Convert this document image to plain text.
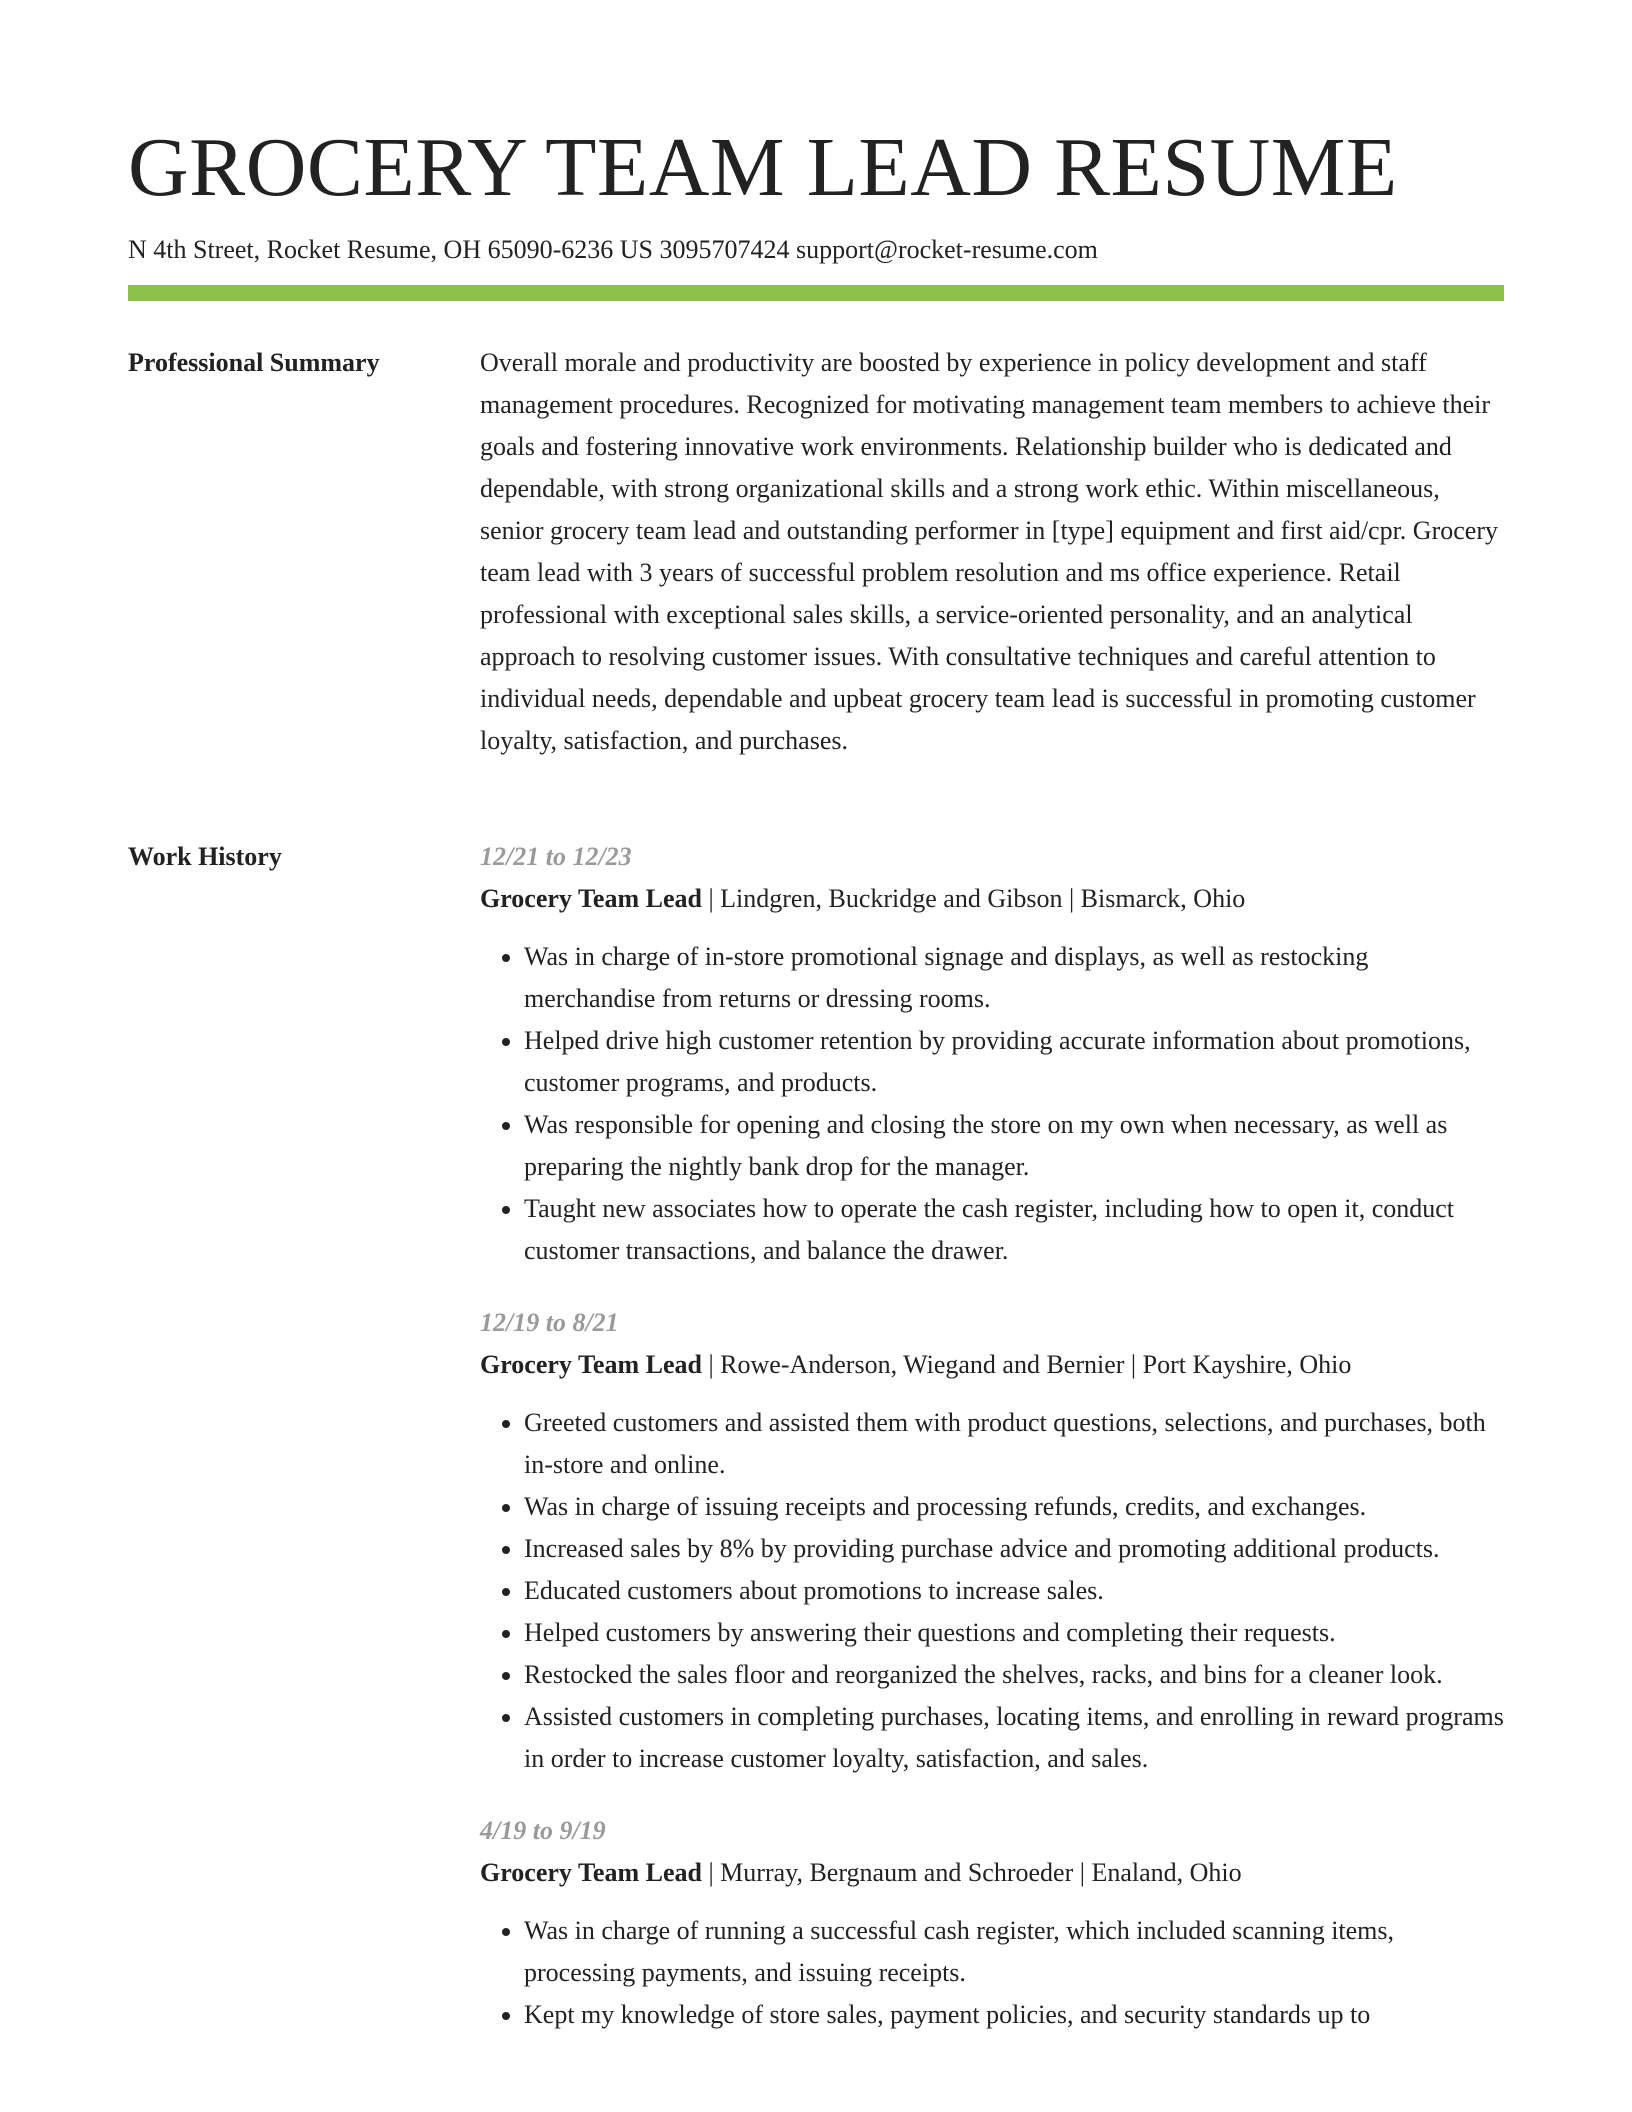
GROCERY TEAM LEAD RESUME
N 4th Street, Rocket Resume, OH 65090-6236 US 3095707424 support@rocket-resume.com
Professional Summary	Overall morale and productivity are boosted by experience in policy development and staff management procedures. Recognized for motivating management team members to achieve their goals and fostering innovative work environments. Relationship builder who is dedicated and dependable, with strong organizational skills and a strong work ethic. Within miscellaneous, senior grocery team lead and outstanding performer in [type] equipment and first aid/cpr. Grocery team lead with 3 years of successful problem resolution and ms office experience. Retail professional with exceptional sales skills, a service-oriented personality, and an analytical approach to resolving customer issues. With consultative techniques and careful attention to individual needs, dependable and upbeat grocery team lead is successful in promoting customer loyalty, satisfaction, and purchases.

Work History	12/21 to 12/23
Grocery Team Lead | Lindgren, Buckridge and Gibson | Bismarck, Ohio
• Was in charge of in-store promotional signage and displays, as well as restocking merchandise from returns or dressing rooms.
• Helped drive high customer retention by providing accurate information about promotions, customer programs, and products.
• Was responsible for opening and closing the store on my own when necessary, as well as preparing the nightly bank drop for the manager.
• Taught new associates how to operate the cash register, including how to open it, conduct customer transactions, and balance the drawer.
12/19 to 8/21
Grocery Team Lead | Rowe-Anderson, Wiegand and Bernier | Port Kayshire, Ohio
• Greeted customers and assisted them with product questions, selections, and purchases, both in-store and online.
• Was in charge of issuing receipts and processing refunds, credits, and exchanges.
• Increased sales by 8% by providing purchase advice and promoting additional products.
• Educated customers about promotions to increase sales.
• Helped customers by answering their questions and completing their requests.
• Restocked the sales floor and reorganized the shelves, racks, and bins for a cleaner look.
• Assisted customers in completing purchases, locating items, and enrolling in reward programs in order to increase customer loyalty, satisfaction, and sales.
4/19 to 9/19
Grocery Team Lead | Murray, Bergnaum and Schroeder | Enaland, Ohio
• Was in charge of running a successful cash register, which included scanning items, processing payments, and issuing receipts.
• Kept my knowledge of store sales, payment policies, and security standards up to
